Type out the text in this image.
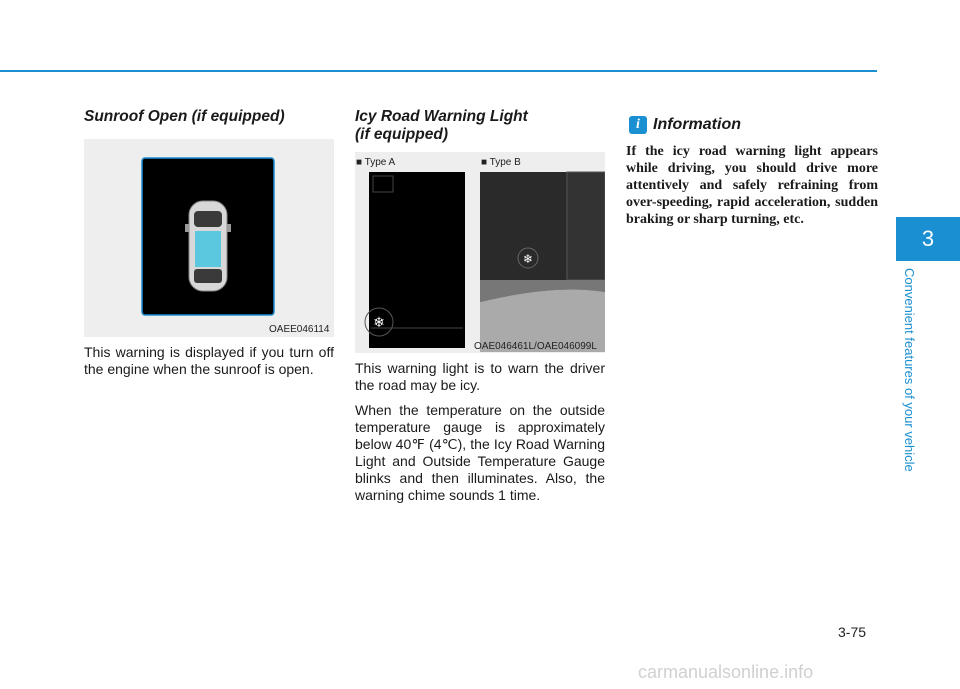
Sunroof Open (if equipped)
OAEE046114

This warning is displayed if you turn off the engine when the sunroof is open.

Icy Road Warning Light
(if equipped)
❄
❄
■ Type A	■ Type B
OAE046461L/OAE046099L

This warning light is to warn the driver the road may be icy.

When the temperature on the outside temperature gauge is approximately below 40℉ (4℃), the Icy Road Warning Light and Outside Temperature Gauge blinks and then illuminates. Also, the warning chime sounds 1 time.

i Information
If the icy road warning light appears while driving, you should drive more attentively and safely refraining from over-speeding, rapid acceleration, sudden braking or sharp turning, etc.
3
Convenient features of your vehicle
3-75
carmanualsonline.info
